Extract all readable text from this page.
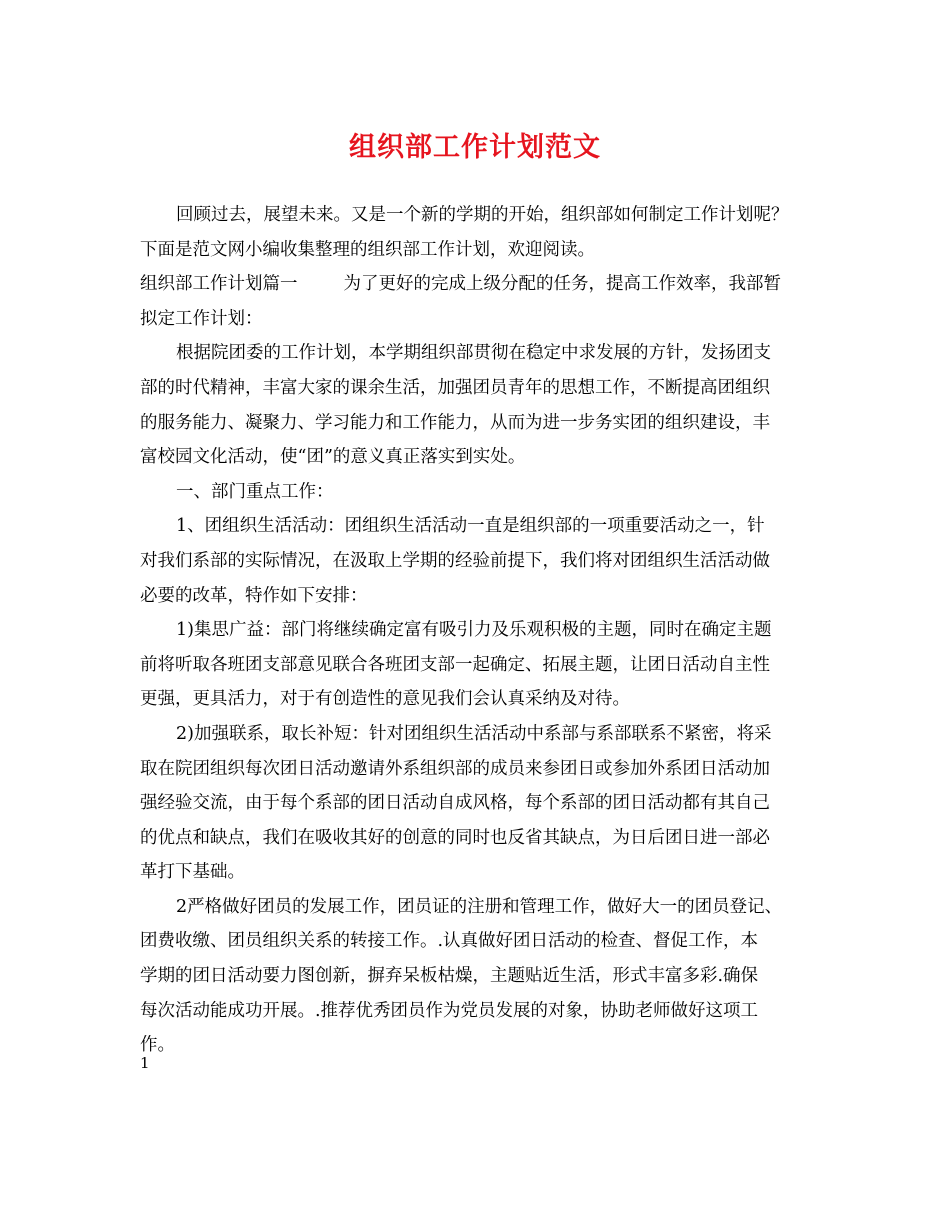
组织部工作计划范文
回顾过去，展望未来。又是一个新的学期的开始，组织部如何制定工作计划呢？
下面是范文网小编收集整理的组织部工作计划，欢迎阅读。
组织部工作计划篇一	为了更好的完成上级分配的任务，提高工作效率，我部暂
拟定工作计划：
根据院团委的工作计划，本学期组织部贯彻在稳定中求发展的方针，发扬团支
部的时代精神，丰富大家的课余生活，加强团员青年的思想工作，不断提高团组织
的服务能力、凝聚力、学习能力和工作能力，从而为进一步务实团的组织建设，丰
富校园文化活动，使“团”的意义真正落实到实处。
一、部门重点工作：
1、团组织生活活动：团组织生活活动一直是组织部的一项重要活动之一，针
对我们系部的实际情况，在汲取上学期的经验前提下，我们将对团组织生活活动做
必要的改革，特作如下安排：
1)集思广益：部门将继续确定富有吸引力及乐观积极的主题，同时在确定主题
前将听取各班团支部意见联合各班团支部一起确定、拓展主题，让团日活动自主性
更强，更具活力，对于有创造性的意见我们会认真采纳及对待。
2)加强联系，取长补短：针对团组织生活活动中系部与系部联系不紧密，将采
取在院团组织每次团日活动邀请外系组织部的成员来参团日或参加外系团日活动加
强经验交流，由于每个系部的团日活动自成风格，每个系部的团日活动都有其自己
的优点和缺点，我们在吸收其好的创意的同时也反省其缺点，为日后团日进一部必
革打下基础。
2严格做好团员的发展工作，团员证的注册和管理工作，做好大一的团员登记、
团费收缴、团员组织关系的转接工作。.认真做好团日活动的检查、督促工作，本
学期的团日活动要力图创新，摒弃呆板枯燥，主题贴近生活，形式丰富多彩.确保
每次活动能成功开展。.推荐优秀团员作为党员发展的对象，协助老师做好这项工
作。
1
